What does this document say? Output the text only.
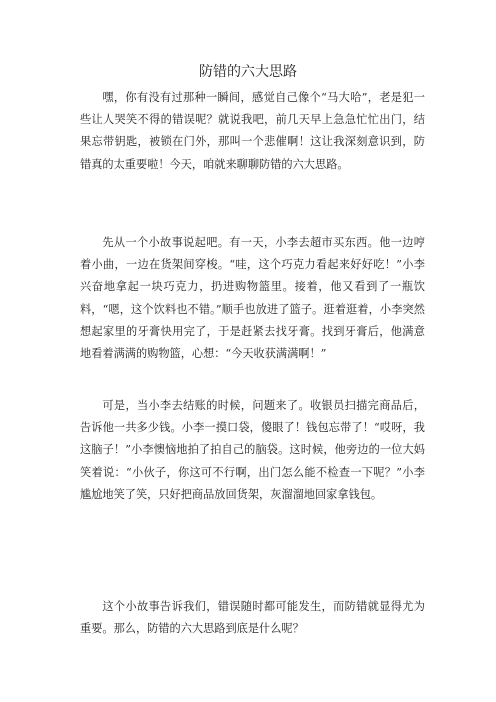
防错的六大思路

嘿，你有没有过那种一瞬间，感觉自己像个“马大哈”，老是犯一些让人哭笑不得的错误呢？就说我吧，前几天早上急急忙忙出门，结果忘带钥匙，被锁在门外，那叫一个悲催啊！这让我深刻意识到，防错真的太重要啦！今天，咱就来聊聊防错的六大思路。

先从一个小故事说起吧。有一天，小李去超市买东西。他一边哼着小曲，一边在货架间穿梭。“哇，这个巧克力看起来好好吃！”小李兴奋地拿起一块巧克力，扔进购物篮里。接着，他又看到了一瓶饮料，“嗯，这个饮料也不错。”顺手也放进了篮子。逛着逛着，小李突然想起家里的牙膏快用完了，于是赶紧去找牙膏。找到牙膏后，他满意地看着满满的购物篮，心想：“今天收获满满啊！”

可是，当小李去结账的时候，问题来了。收银员扫描完商品后，告诉他一共多少钱。小李一摸口袋，傻眼了！钱包忘带了！“哎呀，我这脑子！”小李懊恼地拍了拍自己的脑袋。这时候，他旁边的一位大妈笑着说：“小伙子，你这可不行啊，出门怎么能不检查一下呢？”小李尴尬地笑了笑，只好把商品放回货架，灰溜溜地回家拿钱包。

这个小故事告诉我们，错误随时都可能发生，而防错就显得尤为重要。那么，防错的六大思路到底是什么呢？
